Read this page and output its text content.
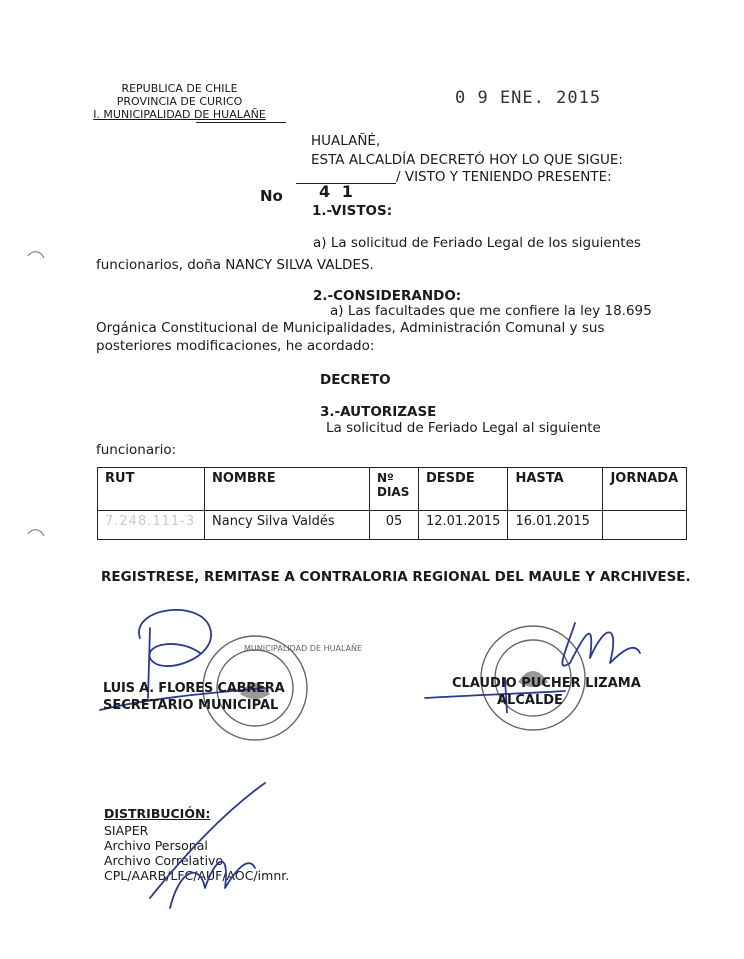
REPUBLICA DE CHILE
PROVINCIA DE CURICO
I. MUNICIPALIDAD DE HUALAÑE
0 9 ENE. 2015
HUALAÑÉ,
ESTA ALCALDÍA DECRETÓ HOY LO QUE SIGUE:
/ VISTO Y TENIENDO PRESENTE:
No 4 1
1.-VISTOS:
a) La solicitud de Feriado Legal de los siguientes
funcionarios, doña NANCY SILVA VALDES.
2.-CONSIDERANDO:
a) Las facultades que me confiere la ley 18.695
Orgánica Constitucional de Municipalidades, Administración Comunal y sus
posteriores modificaciones, he acordado:
DECRETO
3.-AUTORIZASE
La solicitud de Feriado Legal al siguiente
funcionario:
RUT	NOMBRE	Nº DIAS	DESDE	HASTA	JORNADA
7.248.111-3	Nancy Silva Valdés	05	12.01.2015	16.01.2015	
REGISTRESE, REMITASE A CONTRALORIA REGIONAL DEL MAULE Y ARCHIVESE.
MUNICIPALIDAD DE HUALAÑE
LUIS A. FLORES CABRERA
SECRETARIO MUNICIPAL
CLAUDIO PUCHER LIZAMA
ALCALDE
DISTRIBUCIÓN:
SIAPER
Archivo Personal
Archivo Correlativo
CPL/AARB/LFC/AUF/AOC/imnr.
